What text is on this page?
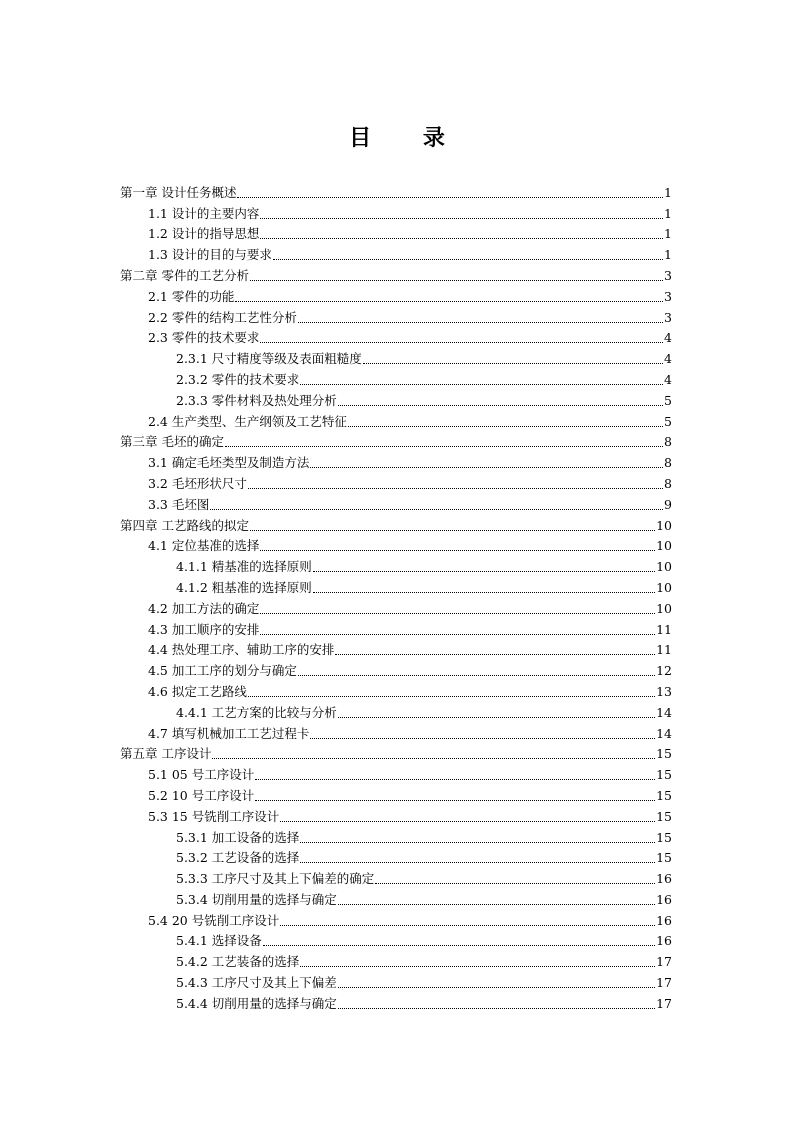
目 录
第一章 设计任务概述	1
1.1 设计的主要内容	1
1.2 设计的指导思想	1
1.3 设计的目的与要求	1
第二章 零件的工艺分析	3
2.1 零件的功能	3
2.2 零件的结构工艺性分析	3
2.3 零件的技术要求	4
2.3.1 尺寸精度等级及表面粗糙度	4
2.3.2 零件的技术要求	4
2.3.3 零件材料及热处理分析	5
2.4 生产类型、生产纲领及工艺特征	5
第三章 毛坯的确定	8
3.1 确定毛坯类型及制造方法	8
3.2 毛坯形状尺寸	8
3.3 毛坯图	9
第四章 工艺路线的拟定	10
4.1 定位基准的选择	10
4.1.1 精基准的选择原则	10
4.1.2 粗基准的选择原则	10
4.2 加工方法的确定	10
4.3 加工顺序的安排	11
4.4 热处理工序、辅助工序的安排	11
4.5 加工工序的划分与确定	12
4.6 拟定工艺路线	13
4.4.1 工艺方案的比较与分析	14
4.7 填写机械加工工艺过程卡	14
第五章 工序设计	15
5.1 05 号工序设计	15
5.2 10 号工序设计	15
5.3 15 号铣削工序设计	15
5.3.1 加工设备的选择	15
5.3.2 工艺设备的选择	15
5.3.3 工序尺寸及其上下偏差的确定	16
5.3.4 切削用量的选择与确定	16
5.4 20 号铣削工序设计	16
5.4.1 选择设备	16
5.4.2 工艺装备的选择	17
5.4.3 工序尺寸及其上下偏差	17
5.4.4 切削用量的选择与确定	17
